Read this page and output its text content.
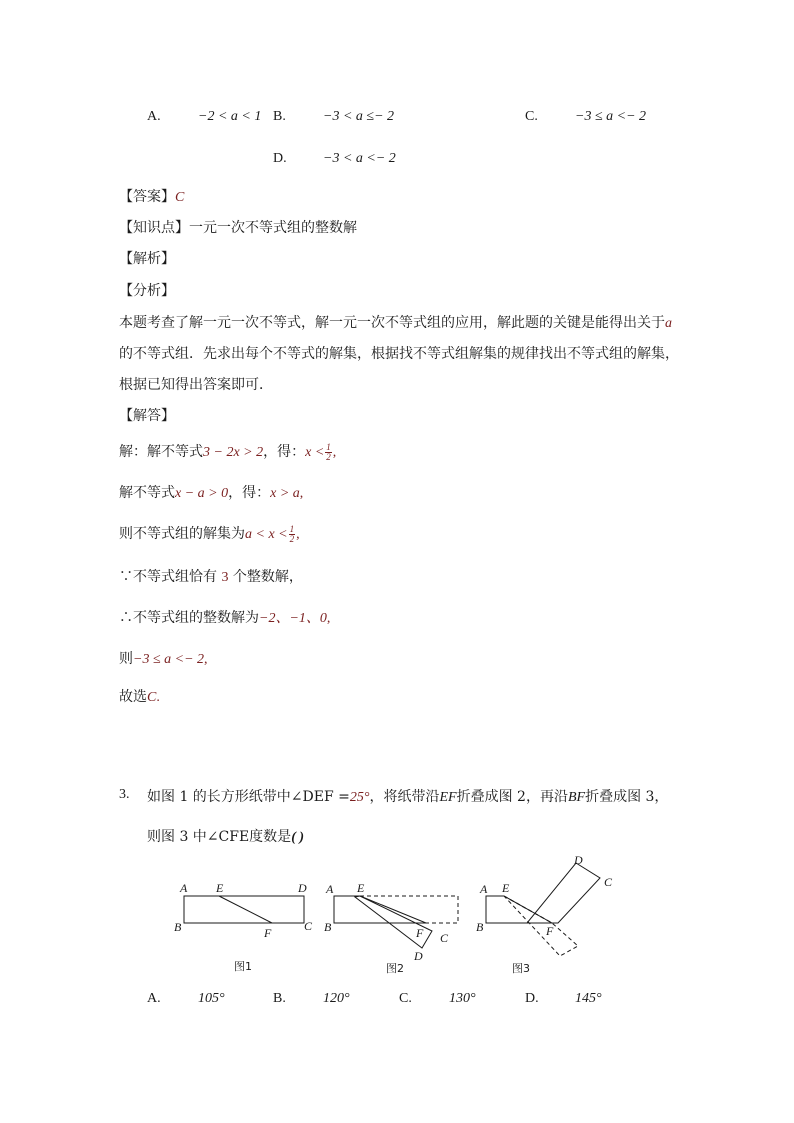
A.	−2 < a < 1 B.	−3 < a ≤− 2	C.	−3 ≤ a <− 2
D.	−3 < a <− 2
【答案】C
【知识点】一元一次不等式组的整数解
【解析】
【分析】
本题考查了解一元一次不等式，解一元一次不等式组的应用，解此题的关键是能得出关于a
的不等式组．先求出每个不等式的解集，根据找不等式组解集的规律找出不等式组的解集，
根据已知得出答案即可．
【解答】
解：解不等式3 − 2x > 2，得：$x < \frac{1}{2}$ ,
解不等式x − a > 0，得：x > a,
则不等式组的解集为$a < x < \frac{1}{2}$ ,
∵不等式组恰有 3 个整数解，
∴不等式组的整数解为−2、−1、0,
则−3 ≤ a <− 2,
故选C.
3. 如图 1 的长方形纸带中∠DEF =25°，将纸带沿EF折叠成图 2，再沿BF折叠成图 3，
则图 3 中∠CFE度数是( )
A E	D
B	F	C
图1
A E
B	F C
D
图2
A E
B	F
D
C
图3
A.	105°	B.	120°	C.	130°	D.	145°
